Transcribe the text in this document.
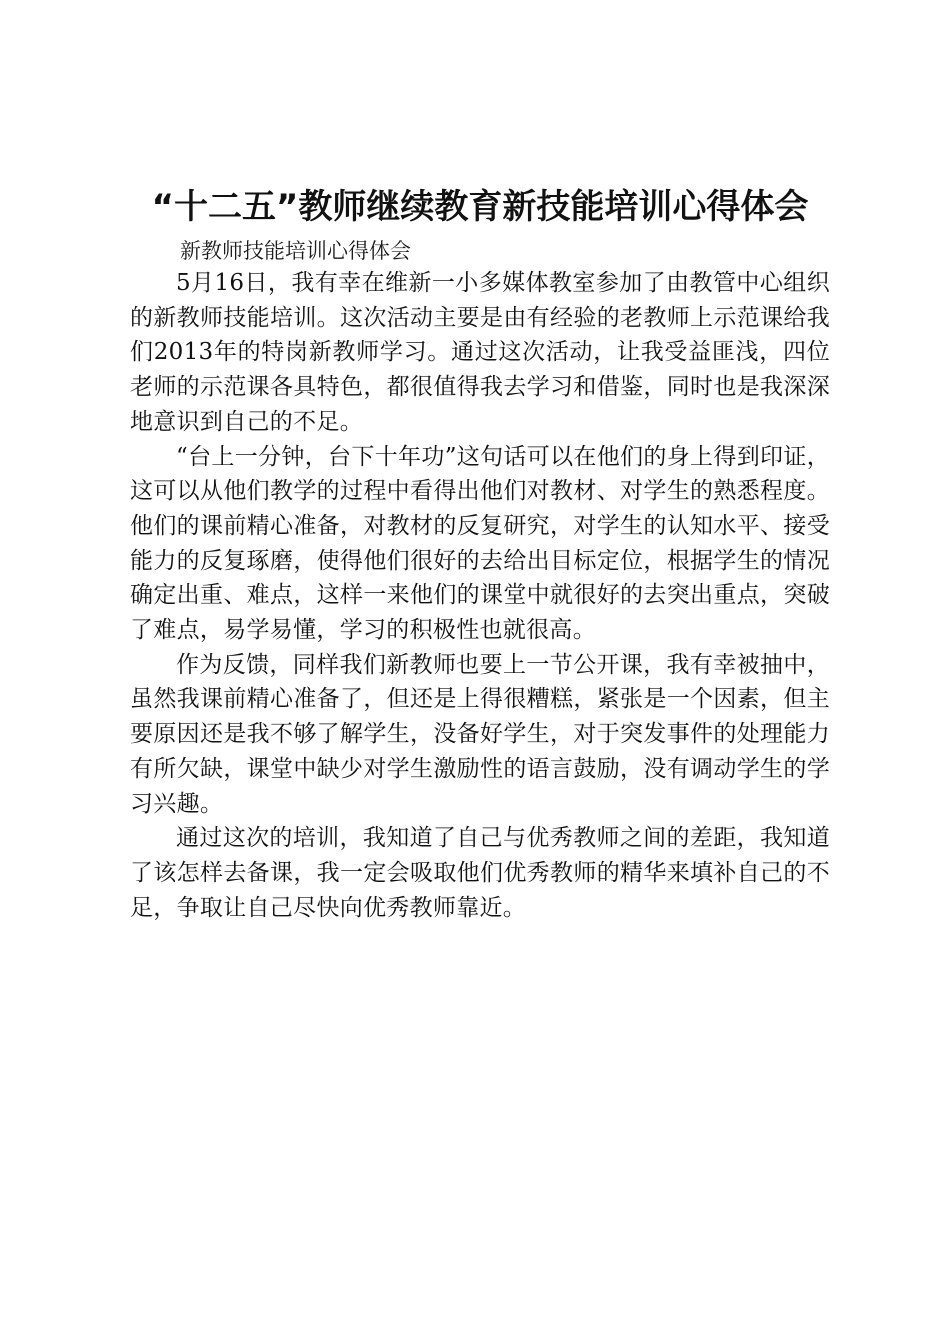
“十二五”教师继续教育新技能培训心得体会
新教师技能培训心得体会

5月16日，我有幸在维新一小多媒体教室参加了由教管中心组织的新教师技能培训。这次活动主要是由有经验的老教师上示范课给我们2013年的特岗新教师学习。通过这次活动，让我受益匪浅，四位老师的示范课各具特色，都很值得我去学习和借鉴，同时也是我深深地意识到自己的不足。

“台上一分钟，台下十年功”这句话可以在他们的身上得到印证，这可以从他们教学的过程中看得出他们对教材、对学生的熟悉程度。他们的课前精心准备，对教材的反复研究，对学生的认知水平、接受能力的反复琢磨，使得他们很好的去给出目标定位，根据学生的情况确定出重、难点，这样一来他们的课堂中就很好的去突出重点，突破了难点，易学易懂，学习的积极性也就很高。

作为反馈，同样我们新教师也要上一节公开课，我有幸被抽中，虽然我课前精心准备了，但还是上得很糟糕，紧张是一个因素，但主要原因还是我不够了解学生，没备好学生，对于突发事件的处理能力有所欠缺，课堂中缺少对学生激励性的语言鼓励，没有调动学生的学习兴趣。

通过这次的培训，我知道了自己与优秀教师之间的差距，我知道了该怎样去备课，我一定会吸取他们优秀教师的精华来填补自己的不足，争取让自己尽快向优秀教师靠近。
